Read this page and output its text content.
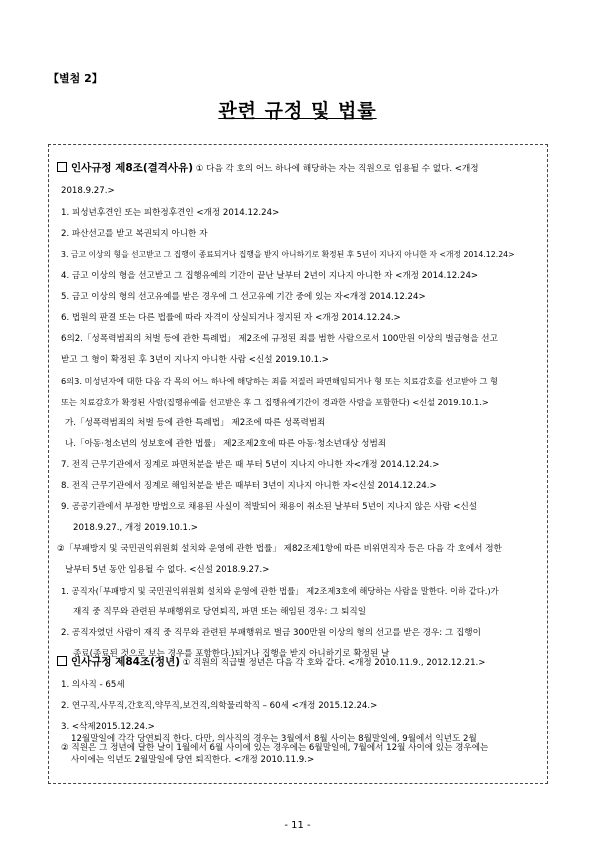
【별첨 2】
관련 규정 및 법률
인사규정 제8조(결격사유) ① 다음 각 호의 어느 하나에 해당하는 자는 직원으로 임용될 수 없다. <개정
2018.9.27.>
1. 피성년후견인 또는 피한정후견인 <개정 2014.12.24>
2. 파산선고를 받고 복권되지 아니한 자
3. 금고 이상의 형을 선고받고 그 집행이 종료되거나 집행을 받지 아니하기로 확정된 후 5년이 지나지 아니한 자 <개정 2014.12.24>
4. 금고 이상의 형을 선고받고 그 집행유예의 기간이 끝난 날부터 2년이 지나지 아니한 자 <개정 2014.12.24>
5. 금고 이상의 형의 선고유예를 받은 경우에 그 선고유예 기간 중에 있는 자<개정 2014.12.24>
6. 법원의 판결 또는 다른 법률에 따라 자격이 상실되거나 정지된 자 <개정 2014.12.24.>
6의2.「성폭력범죄의 처벌 등에 관한 특례법」 제2조에 규정된 죄를 범한 사람으로서 100만원 이상의 벌금형을 선고
받고 그 형이 확정된 후 3년이 지나지 아니한 사람 <신설 2019.10.1.>
6의3. 미성년자에 대한 다음 각 목의 어느 하나에 해당하는 죄를 저질러 파면해임되거나 형 또는 치료감호를 선고받아 그 형
또는 치료감호가 확정된 사람(집행유예를 선고받은 후 그 집행유예기간이 경과한 사람을 포함한다) <신설 2019.10.1.>
가.「성폭력범죄의 처벌 등에 관한 특례법」 제2조에 따른 성폭력범죄
나.「아동·청소년의 성보호에 관한 법률」 제2조제2호에 따른 아동·청소년대상 성범죄
7. 전직 근무기관에서 징계로 파면처분을 받은 때 부터 5년이 지나지 아니한 자<개정 2014.12.24.>
8. 전직 근무기관에서 징계로 해임처분을 받은 때부터 3년이 지나지 아니한 자<신설 2014.12.24.>
9. 공공기관에서 부정한 방법으로 채용된 사실이 적발되어 채용이 취소된 날부터 5년이 지나지 않은 사람 <신설
2018.9.27., 개정 2019.10.1.>
②「부패방지 및 국민권익위원회 설치와 운영에 관한 법률」 제82조제1항에 따른 비위면직자 등은 다음 각 호에서 정한
날부터 5년 동안 임용될 수 없다. <신설 2018.9.27.>
1. 공직자(「부패방지 및 국민권익위원회 설치와 운영에 관한 법률」 제2조제3호에 해당하는 사람을 말한다. 이하 같다.)가
재직 중 직무와 관련된 부패행위로 당연퇴직, 파면 또는 해임된 경우: 그 퇴직일
2. 공직자였던 사람이 재직 중 직무와 관련된 부패행위로 벌금 300만원 이상의 형의 선고를 받은 경우: 그 집행이
종료(종료된 것으로 보는 경우를 포함한다.)되거나 집행을 받지 아니하기로 확정된 날
인사규정 제84조(정년) ① 직원의 직급별 정년은 다음 각 호와 같다. <개정 2010.11.9., 2012.12.21.>
1. 의사직 - 65세
2. 연구직,사무직,간호직,약무직,보건직,의학물리학직 – 60세 <개정 2015.12.24.>
3. <삭제2015.12.24.>
② 직원은 그 정년에 달한 날이 1월에서 6월 사이에 있는 경우에는 6월말일에, 7월에서 12월 사이에 있는 경우에는
12월말일에 각각 당연퇴직 한다. 다만, 의사직의 경우는 3월에서 8월 사이는 8월말일에, 9월에서 익년도 2월
사이에는 익년도 2월말일에 당연 퇴직한다. <개정 2010.11.9.>
- 11 -
